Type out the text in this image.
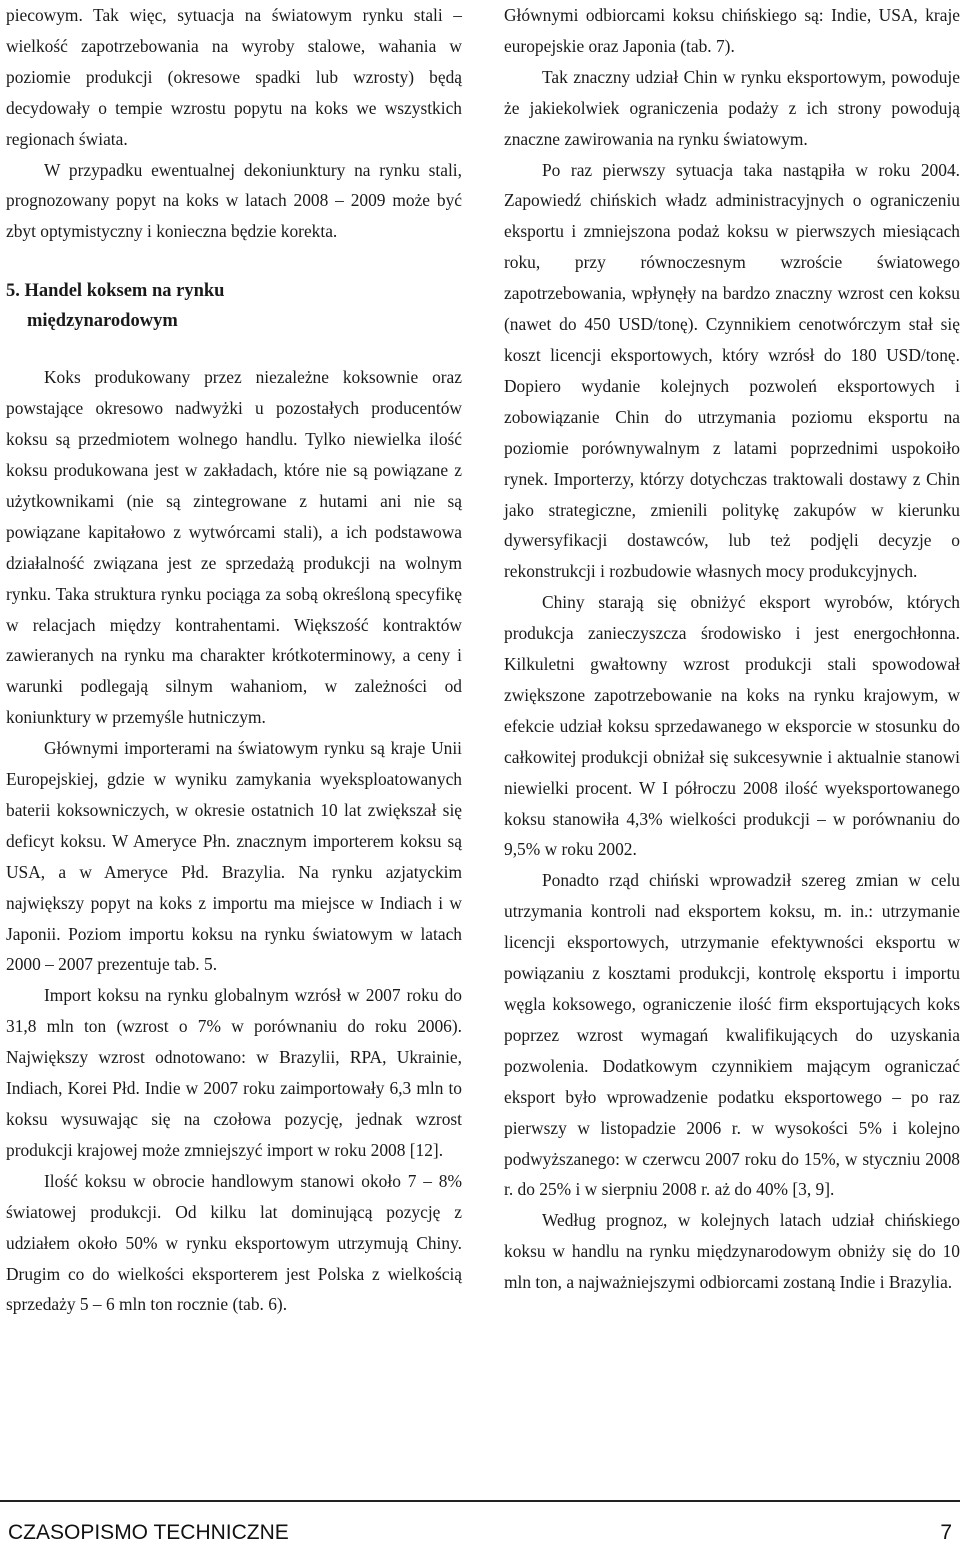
piecowym. Tak więc, sytuacja na światowym rynku stali – wielkość zapotrzebowania na wyroby stalowe, wahania w poziomie produkcji (okresowe spadki lub wzrosty) będą decydowały o tempie wzrostu popytu na koks we wszystkich regionach świata.

W przypadku ewentualnej dekoniunktury na rynku stali, prognozowany popyt na koks w latach 2008 – 2009 może być zbyt optymistyczny i konieczna będzie korekta.

5. Handel koksem na rynku
międzynarodowym

Koks produkowany przez niezależne koksownie oraz powstające okresowo nadwyżki u pozostałych producentów koksu są przedmiotem wolnego handlu. Tylko niewielka ilość koksu produkowana jest w zakładach, które nie są powiązane z użytkownikami (nie są zintegrowane z hutami ani nie są powiązane kapitałowo z wytwórcami stali), a ich podstawowa działalność związana jest ze sprzedażą produkcji na wolnym rynku. Taka struktura rynku pociąga za sobą określoną specyfikę w relacjach między kontrahentami. Większość kontraktów zawieranych na rynku ma charakter krótkoterminowy, a ceny i warunki podlegają silnym wahaniom, w zależności od koniunktury w przemyśle hutniczym.

Głównymi importerami na światowym rynku są kraje Unii Europejskiej, gdzie w wyniku zamykania wyeksploatowanych baterii koksowniczych, w okresie ostatnich 10 lat zwiększał się deficyt koksu. W Ameryce Płn. znacznym importerem koksu są USA, a w Ameryce Płd. Brazylia. Na rynku azjatyckim największy popyt na koks z importu ma miejsce w Indiach i w Japonii. Poziom importu koksu na rynku światowym w latach 2000 – 2007 prezentuje tab. 5.

Import koksu na rynku globalnym wzrósł w 2007 roku do 31,8 mln ton (wzrost o 7% w porównaniu do roku 2006). Największy wzrost odnotowano: w Brazylii, RPA, Ukrainie, Indiach, Korei Płd. Indie w 2007 roku zaimportowały 6,3 mln to koksu wysuwając się na czołowa pozycję, jednak wzrost produkcji krajowej może zmniejszyć import w roku 2008 [12].

Ilość koksu w obrocie handlowym stanowi około 7 – 8% światowej produkcji. Od kilku lat dominującą pozycję z udziałem około 50% w rynku eksportowym utrzymują Chiny. Drugim co do wielkości eksporterem jest Polska z wielkością sprzedaży 5 – 6 mln ton rocznie (tab. 6).

Głównymi odbiorcami koksu chińskiego są: Indie, USA, kraje europejskie oraz Japonia (tab. 7).

Tak znaczny udział Chin w rynku eksportowym, powoduje że jakiekolwiek ograniczenia podaży z ich strony powodują znaczne zawirowania na rynku światowym.

Po raz pierwszy sytuacja taka nastąpiła w roku 2004. Zapowiedź chińskich władz administracyjnych o ograniczeniu eksportu i zmniejszona podaż koksu w pierwszych miesiącach roku, przy równoczesnym wzroście światowego zapotrzebowania, wpłynęły na bardzo znaczny wzrost cen koksu (nawet do 450 USD/tonę). Czynnikiem cenotwórczym stał się koszt licencji eksportowych, który wzrósł do 180 USD/tonę. Dopiero wydanie kolejnych pozwoleń eksportowych i zobowiązanie Chin do utrzymania poziomu eksportu na poziomie porównywalnym z latami poprzednimi uspokoiło rynek. Importerzy, którzy dotychczas traktowali dostawy z Chin jako strategiczne, zmienili politykę zakupów w kierunku dywersyfikacji dostawców, lub też podjęli decyzje o rekonstrukcji i rozbudowie własnych mocy produkcyjnych.

Chiny starają się obniżyć eksport wyrobów, których produkcja zanieczyszcza środowisko i jest energochłonna. Kilkuletni gwałtowny wzrost produkcji stali spowodował zwiększone zapotrzebowanie na koks na rynku krajowym, w efekcie udział koksu sprzedawanego w eksporcie w stosunku do całkowitej produkcji obniżał się sukcesywnie i aktualnie stanowi niewielki procent. W I półroczu 2008 ilość wyeksportowanego koksu stanowiła 4,3% wielkości produkcji – w porównaniu do 9,5% w roku 2002.

Ponadto rząd chiński wprowadził szereg zmian w celu utrzymania kontroli nad eksportem koksu, m. in.: utrzymanie licencji eksportowych, utrzymanie efektywności eksportu w powiązaniu z kosztami produkcji, kontrolę eksportu i importu węgla koksowego, ograniczenie ilość firm eksportujących koks poprzez wzrost wymagań kwalifikujących do uzyskania pozwolenia. Dodatkowym czynnikiem mającym ograniczać eksport było wprowadzenie podatku eksportowego – po raz pierwszy w listopadzie 2006 r. w wysokości 5% i kolejno podwyższanego: w czerwcu 2007 roku do 15%, w styczniu 2008 r. do 25% i w sierpniu 2008 r. aż do 40% [3, 9].

Według prognoz, w kolejnych latach udział chińskiego koksu w handlu na rynku międzynarodowym obniży się do 10 mln ton, a najważniejszymi odbiorcami zostaną Indie i Brazylia.

CZASOPISMO TECHNICZNE	7
